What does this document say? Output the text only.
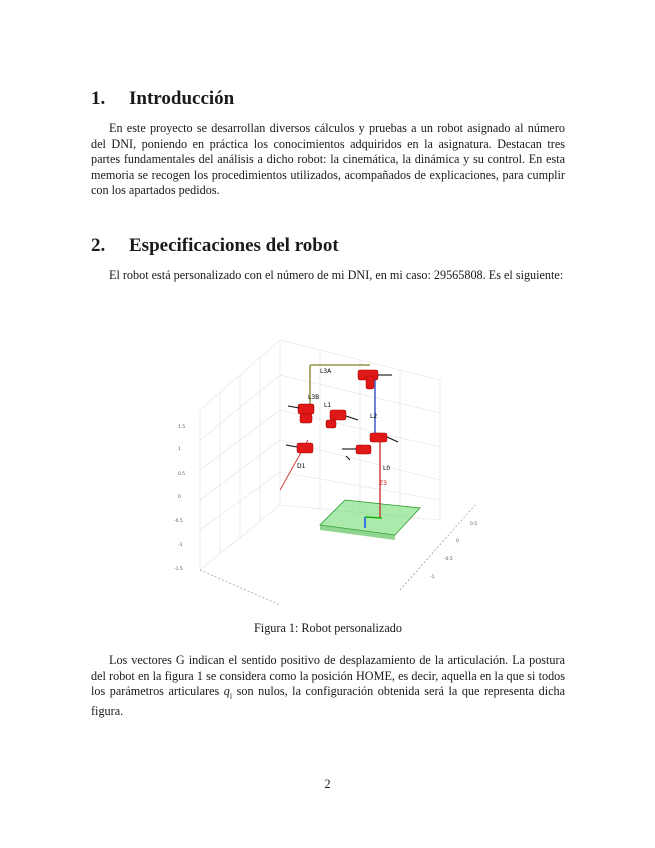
1. Introducción

En este proyecto se desarrollan diversos cálculos y pruebas a un robot asignado al número del DNI, poniendo en práctica los conocimientos adquiridos en la asignatura. Destacan tres partes fundamentales del análisis a dicho robot: la cinemática, la dinámica y su control. En esta memoria se recogen los procedimientos utilizados, acompañados de explicaciones, para cumplir con los apartados pedidos.

2. Especificaciones del robot

El robot está personalizado con el número de mi DNI, en mi caso: 29565808. Es el siguiente:

1.5
1
0.5
0
-0.5
-1
-1.5
0.5
0
-0.5
-1
L3A
L3B
L1
L2
L0
D1
Z3
Figura 1: Robot personalizado

Los vectores G indican el sentido positivo de desplazamiento de la articulación. La postura del robot en la figura 1 se considera como la posición HOME, es decir, aquella en la que si todos los parámetros articulares $q_i$ son nulos, la configuración obtenida será la que representa dicha figura.

2
